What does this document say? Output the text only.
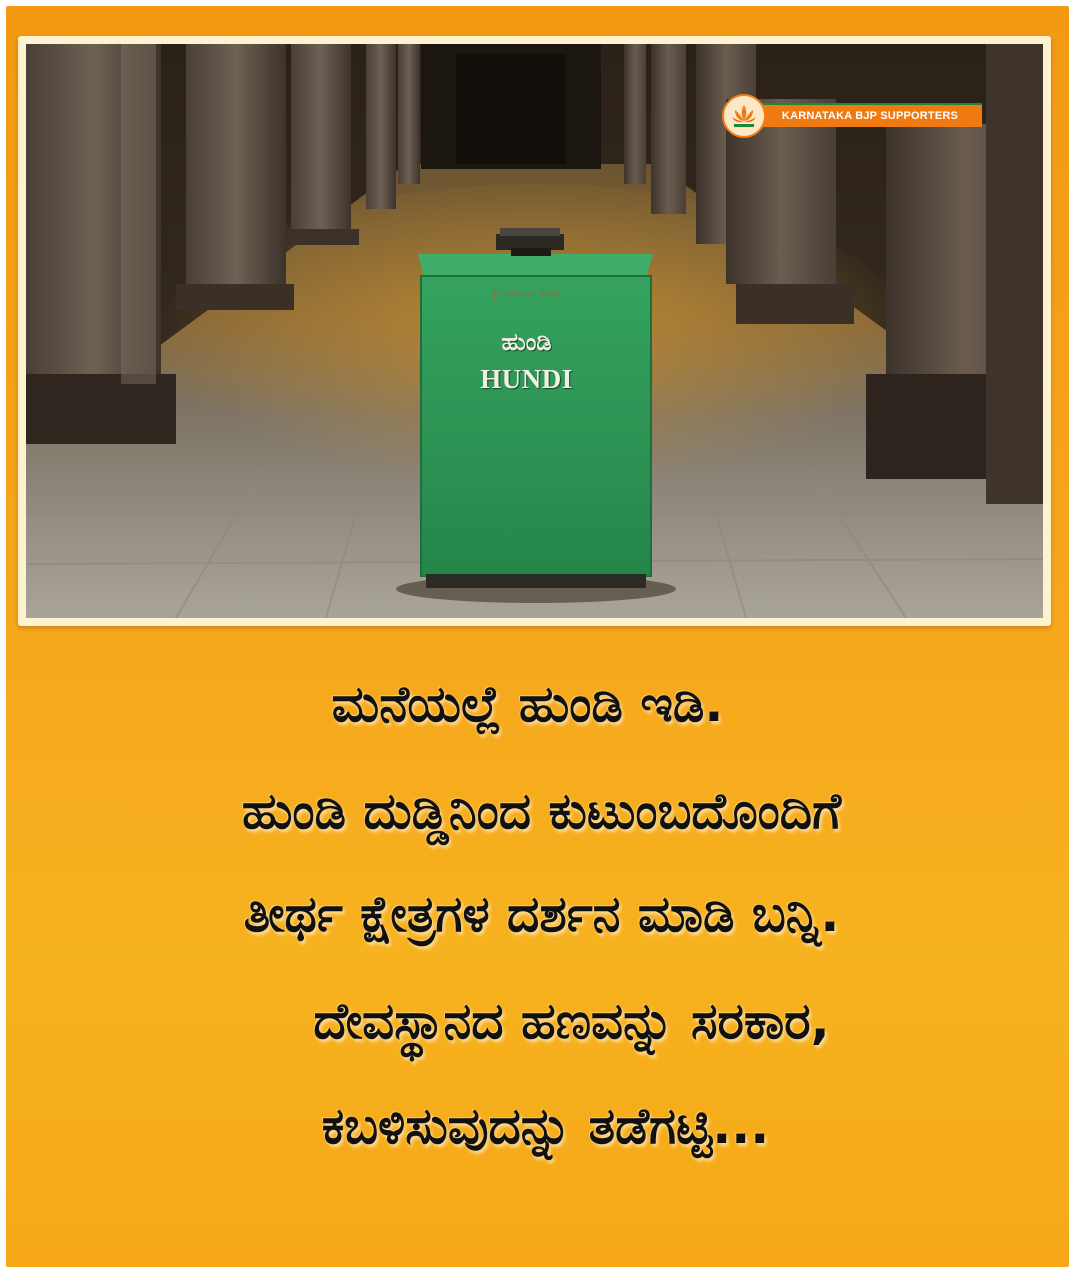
ಶ್ರೀ ದೇವಸ್ಥಾನ ಹುಂಡಿ
ಹುಂಡಿ
HUNDI
KARNATAKA BJP SUPPORTERS
ಮನೆಯಲ್ಲೆ ಹುಂಡಿ ಇಡಿ.
ಹುಂಡಿ ದುಡ್ಡಿನಿಂದ ಕುಟುಂಬದೊಂದಿಗೆ
ತೀರ್ಥ ಕ್ಷೇತ್ರಗಳ ದರ್ಶನ ಮಾಡಿ ಬನ್ನಿ.
ದೇವಸ್ಥಾನದ ಹಣವನ್ನು ಸರಕಾರ,
ಕಬಳಿಸುವುದನ್ನು ತಡೆಗಟ್ಟಿ...
